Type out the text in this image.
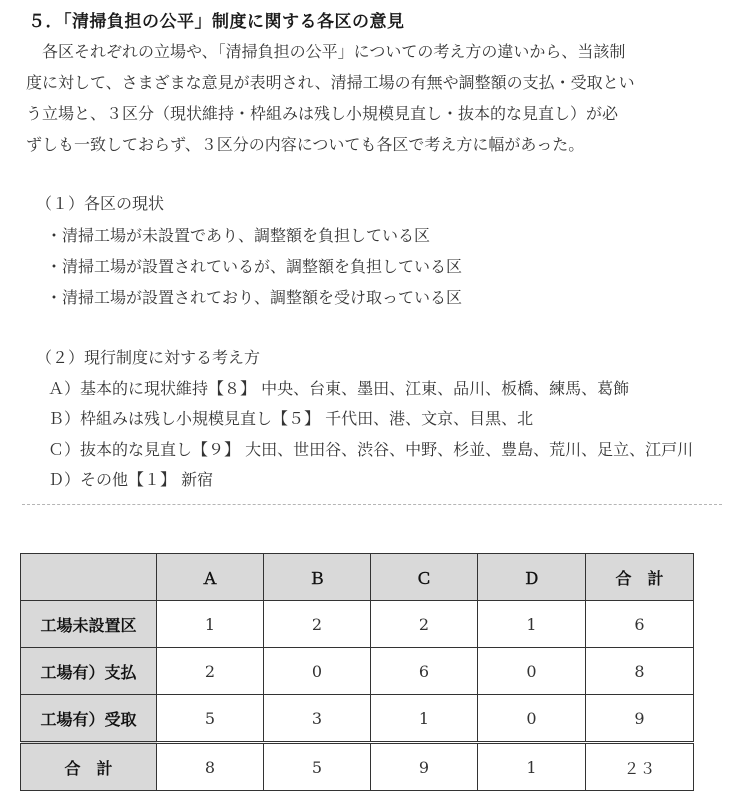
５．「清掃負担の公平」制度に関する各区の意見
　各区それぞれの立場や、「清掃負担の公平」についての考え方の違いから、当該制
度に対して、さまざまな意見が表明され、清掃工場の有無や調整額の支払・受取とい
う立場と、３区分（現状維持・枠組みは残し小規模見直し・抜本的な見直し）が必
ずしも一致しておらず、３区分の内容についても各区で考え方に幅があった。
（１）各区の現状
・清掃工場が未設置であり、調整額を負担している区
・清掃工場が設置されているが、調整額を負担している区
・清掃工場が設置されており、調整額を受け取っている区
（２）現行制度に対する考え方
Ａ）基本的に現状維持【８】 中央、台東、墨田、江東、品川、板橋、練馬、葛飾
Ｂ）枠組みは残し小規模見直し【５】 千代田、港、文京、目黒、北
Ｃ）抜本的な見直し【９】 大田、世田谷、渋谷、中野、杉並、豊島、荒川、足立、江戸川
Ｄ）その他【１】 新宿
	Ａ	Ｂ	Ｃ	Ｄ	合　計
工場未設置区	1	2	2	1	6
工場有）支払	2	0	6	0	8
工場有）受取	5	3	1	0	9
合　計	8	5	9	1	２３
